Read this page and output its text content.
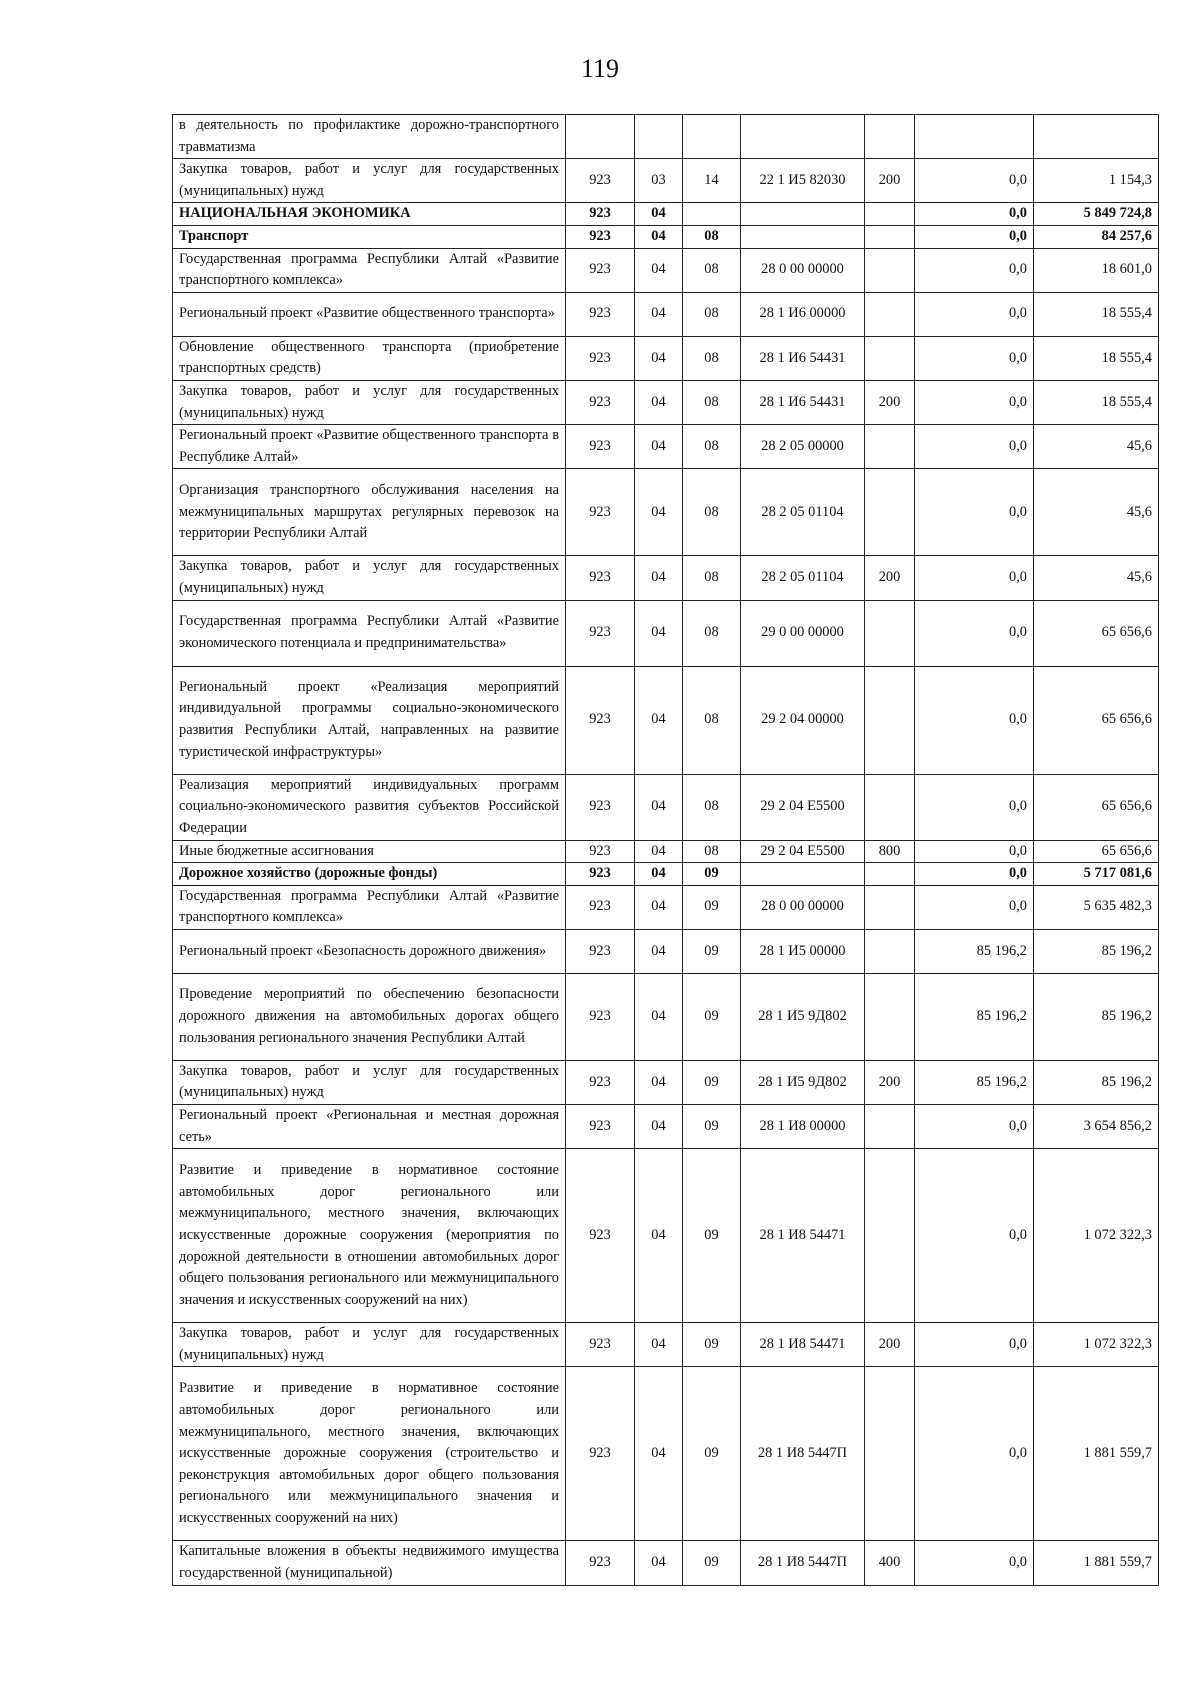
119
в деятельность по профилактике дорожно-транспортного травматизма							
Закупка товаров, работ и услуг для государственных (муниципальных) нужд	923	03	14	22 1 И5 82030	200	0,0	1 154,3
НАЦИОНАЛЬНАЯ ЭКОНОМИКА	923	04				0,0	5 849 724,8
Транспорт	923	04	08			0,0	84 257,6
Государственная программа Республики Алтай «Развитие транспортного комплекса»	923	04	08	28 0 00 00000		0,0	18 601,0
Региональный проект «Развитие общественного транспорта»	923	04	08	28 1 И6 00000		0,0	18 555,4
Обновление общественного транспорта (приобретение транспортных средств)	923	04	08	28 1 И6 54431		0,0	18 555,4
Закупка товаров, работ и услуг для государственных (муниципальных) нужд	923	04	08	28 1 И6 54431	200	0,0	18 555,4
Региональный проект «Развитие общественного транспорта в Республике Алтай»	923	04	08	28 2 05 00000		0,0	45,6
Организация транспортного обслуживания населения на межмуниципальных маршрутах регулярных перевозок на территории Республики Алтай	923	04	08	28 2 05 01104		0,0	45,6
Закупка товаров, работ и услуг для государственных (муниципальных) нужд	923	04	08	28 2 05 01104	200	0,0	45,6
Государственная программа Республики Алтай «Развитие экономического потенциала и предпринимательства»	923	04	08	29 0 00 00000		0,0	65 656,6
Региональный проект «Реализация мероприятий индивидуальной программы социально-экономического развития Республики Алтай, направленных на развитие туристической инфраструктуры»	923	04	08	29 2 04 00000		0,0	65 656,6
Реализация мероприятий индивидуальных программ социально-экономического развития субъектов Российской Федерации	923	04	08	29 2 04 Е5500		0,0	65 656,6
Иные бюджетные ассигнования	923	04	08	29 2 04 Е5500	800	0,0	65 656,6
Дорожное хозяйство (дорожные фонды)	923	04	09			0,0	5 717 081,6
Государственная программа Республики Алтай «Развитие транспортного комплекса»	923	04	09	28 0 00 00000		0,0	5 635 482,3
Региональный проект «Безопасность дорожного движения»	923	04	09	28 1 И5 00000		85 196,2	85 196,2
Проведение мероприятий по обеспечению безопасности дорожного движения на автомобильных дорогах общего пользования регионального значения Республики Алтай	923	04	09	28 1 И5 9Д802		85 196,2	85 196,2
Закупка товаров, работ и услуг для государственных (муниципальных) нужд	923	04	09	28 1 И5 9Д802	200	85 196,2	85 196,2
Региональный проект «Региональная и местная дорожная сеть»	923	04	09	28 1 И8 00000		0,0	3 654 856,2
Развитие и приведение в нормативное состояние автомобильных дорог регионального или межмуниципального, местного значения, включающих искусственные дорожные сооружения (мероприятия по дорожной деятельности в отношении автомобильных дорог общего пользования регионального или межмуниципального значения и искусственных сооружений на них)	923	04	09	28 1 И8 54471		0,0	1 072 322,3
Закупка товаров, работ и услуг для государственных (муниципальных) нужд	923	04	09	28 1 И8 54471	200	0,0	1 072 322,3
Развитие и приведение в нормативное состояние автомобильных дорог регионального или межмуниципального, местного значения, включающих искусственные дорожные сооружения (строительство и реконструкция автомобильных дорог общего пользования регионального или межмуниципального значения и искусственных сооружений на них)	923	04	09	28 1 И8 5447П		0,0	1 881 559,7
Капитальные вложения в объекты недвижимого имущества государственной (муниципальной)	923	04	09	28 1 И8 5447П	400	0,0	1 881 559,7
